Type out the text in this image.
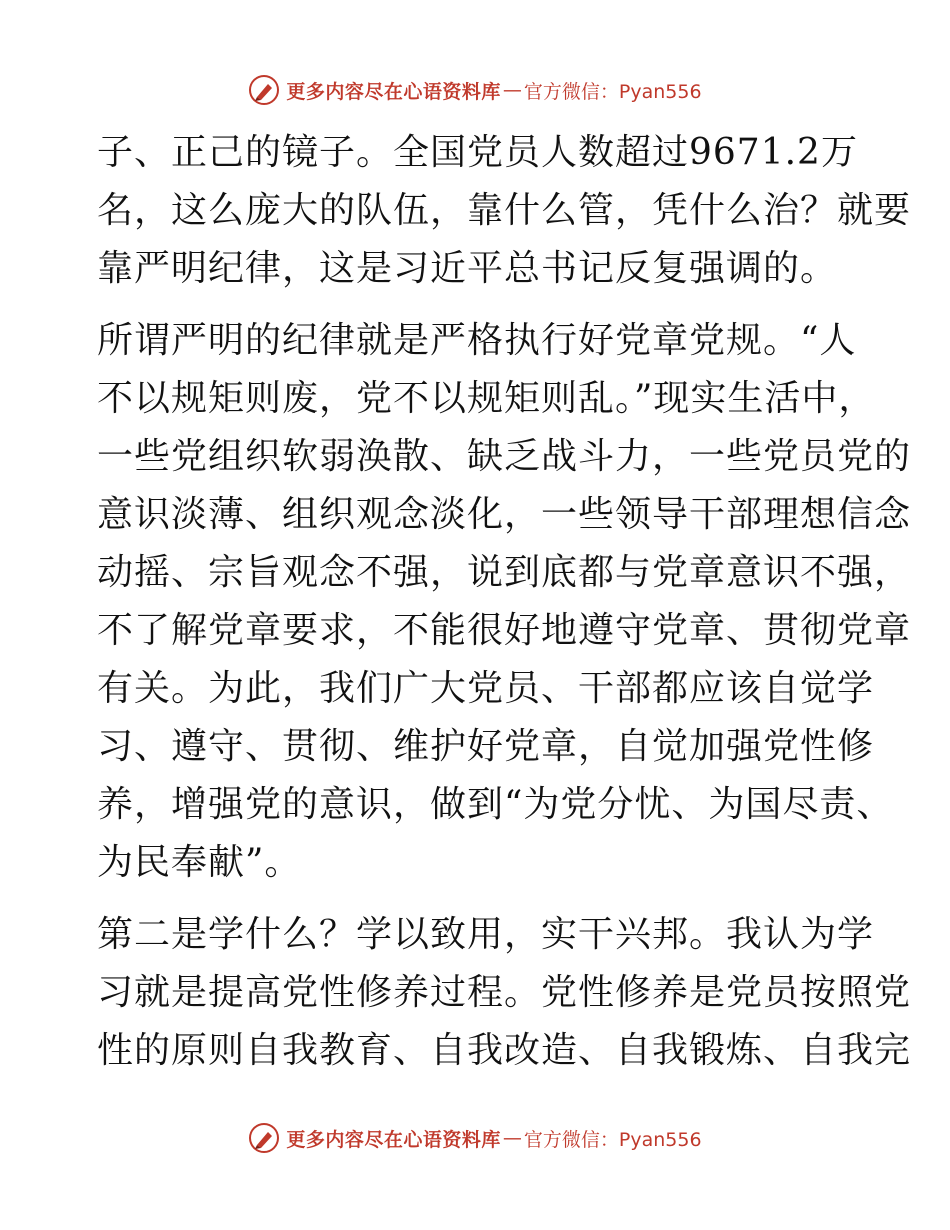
更多内容尽在心语资料库 — 官方微信：Pyan556
子、正己的镜子。全国党员人数超过9671.2万
名，这么庞大的队伍，靠什么管，凭什么治？就要
靠严明纪律，这是习近平总书记反复强调的。
所谓严明的纪律就是严格执行好党章党规。“人
不以规矩则废，党不以规矩则乱。”现实生活中，
一些党组织软弱涣散、缺乏战斗力，一些党员党的
意识淡薄、组织观念淡化，一些领导干部理想信念
动摇、宗旨观念不强，说到底都与党章意识不强，
不了解党章要求，不能很好地遵守党章、贯彻党章
有关。为此，我们广大党员、干部都应该自觉学
习、遵守、贯彻、维护好党章，自觉加强党性修
养，增强党的意识，做到“为党分忧、为国尽责、
为民奉献”。
第二是学什么？学以致用，实干兴邦。我认为学
习就是提高党性修养过程。党性修养是党员按照党
性的原则自我教育、自我改造、自我锻炼、自我完
更多内容尽在心语资料库 — 官方微信：Pyan556
